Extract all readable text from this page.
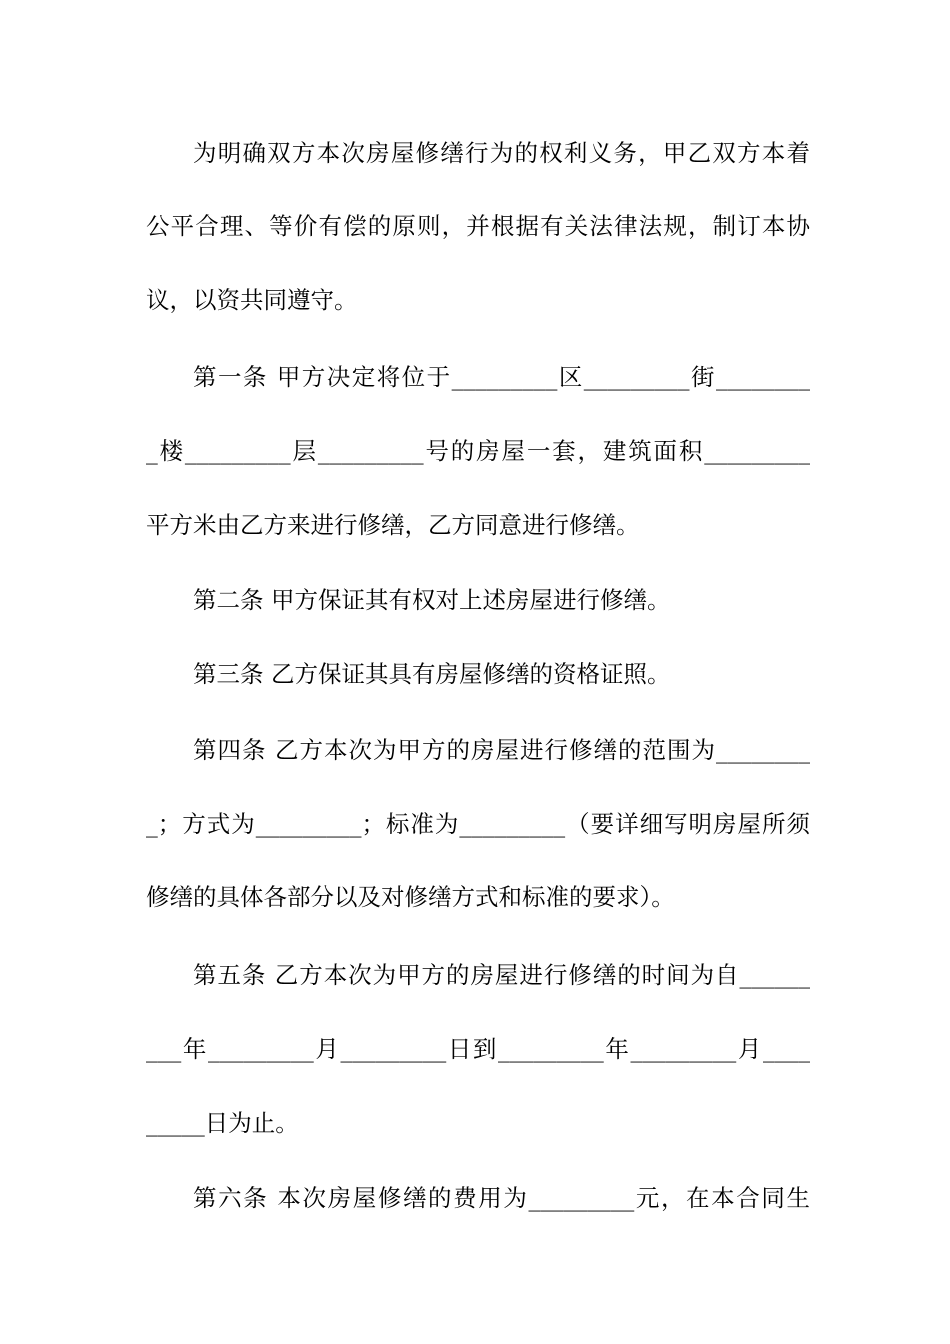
为明确双方本次房屋修缮行为的权利义务，甲乙双方本着
公平合理、等价有偿的原则，并根据有关法律法规，制订本协
议，以资共同遵守。
第一条 甲方决定将位于_________区_________街________
_楼_________层_________号的房屋一套，建筑面积_________
平方米由乙方来进行修缮，乙方同意进行修缮。
第二条 甲方保证其有权对上述房屋进行修缮。
第三条 乙方保证其具有房屋修缮的资格证照。
第四条 乙方本次为甲方的房屋进行修缮的范围为________
_；方式为_________；标准为_________（要详细写明房屋所须
修缮的具体各部分以及对修缮方式和标准的要求）。
第五条 乙方本次为甲方的房屋进行修缮的时间为自______
___年_________月_________日到_________年_________月____
_____日为止。
第六条 本次房屋修缮的费用为_________元，在本合同生
